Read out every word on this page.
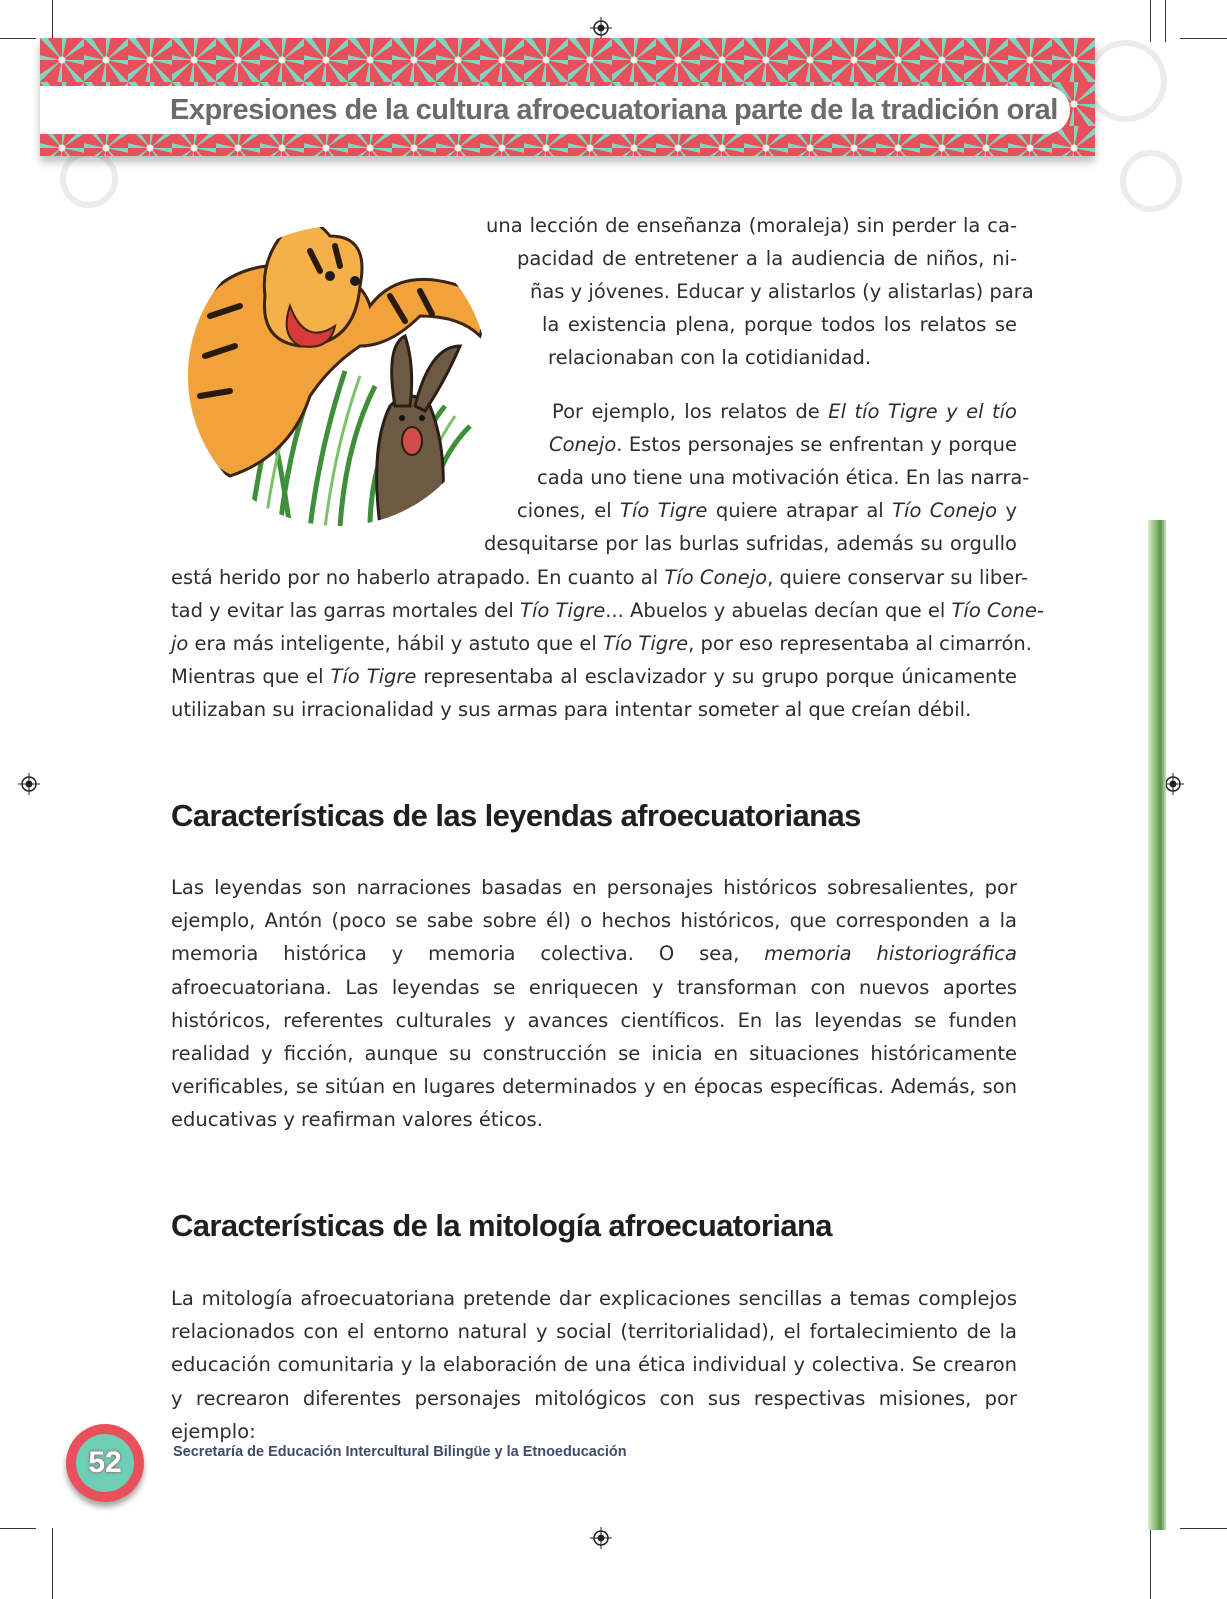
Expresiones de la cultura afroecuatoriana parte de la tradición oral
una lección de enseñanza (moraleja) sin perder la ca-
pacidad de entretener a la audiencia de niños, ni-
ñas y jóvenes. Educar y alistarlos (y alistarlas) para
la existencia plena, porque todos los relatos se
relacionaban con la cotidianidad.
Por ejemplo, los relatos de El tío Tigre y el tío
Conejo. Estos personajes se enfrentan y porque
cada uno tiene una motivación ética. En las narra-
ciones, el Tío Tigre quiere atrapar al Tío Conejo y
desquitarse por las burlas sufridas, además su orgullo
está herido por no haberlo atrapado. En cuanto al Tío Conejo, quiere conservar su liber-
tad y evitar las garras mortales del Tío Tigre... Abuelos y abuelas decían que el Tío Cone-
jo era más inteligente, hábil y astuto que el Tío Tigre, por eso representaba al cimarrón.
Mientras que el Tío Tigre representaba al esclavizador y su grupo porque únicamente
utilizaban su irracionalidad y sus armas para intentar someter al que creían débil.
Características de las leyendas afroecuatorianas
Las leyendas son narraciones basadas en personajes históricos sobresalientes, por ejemplo, Antón (poco se sabe sobre él) o hechos históricos, que corresponden a la memoria histórica y memoria colectiva. O sea, memoria historiográfica afroecuatoriana. Las leyendas se enriquecen y transforman con nuevos aportes históricos, referentes culturales y avances científicos. En las leyendas se funden realidad y ficción, aunque su construcción se inicia en situaciones históricamente verificables, se sitúan en lugares determinados y en épocas específicas. Además, son educativas y reafirman valores éticos.
Características de la mitología afroecuatoriana
La mitología afroecuatoriana pretende dar explicaciones sencillas a temas complejos relacionados con el entorno natural y social (territorialidad), el fortalecimiento de la educación comunitaria y la elaboración de una ética individual y colectiva. Se crearon y recrearon diferentes personajes mitológicos con sus respectivas misiones, por ejemplo:
52	Secretaría de Educación Intercultural Bilingüe y la Etnoeducación
